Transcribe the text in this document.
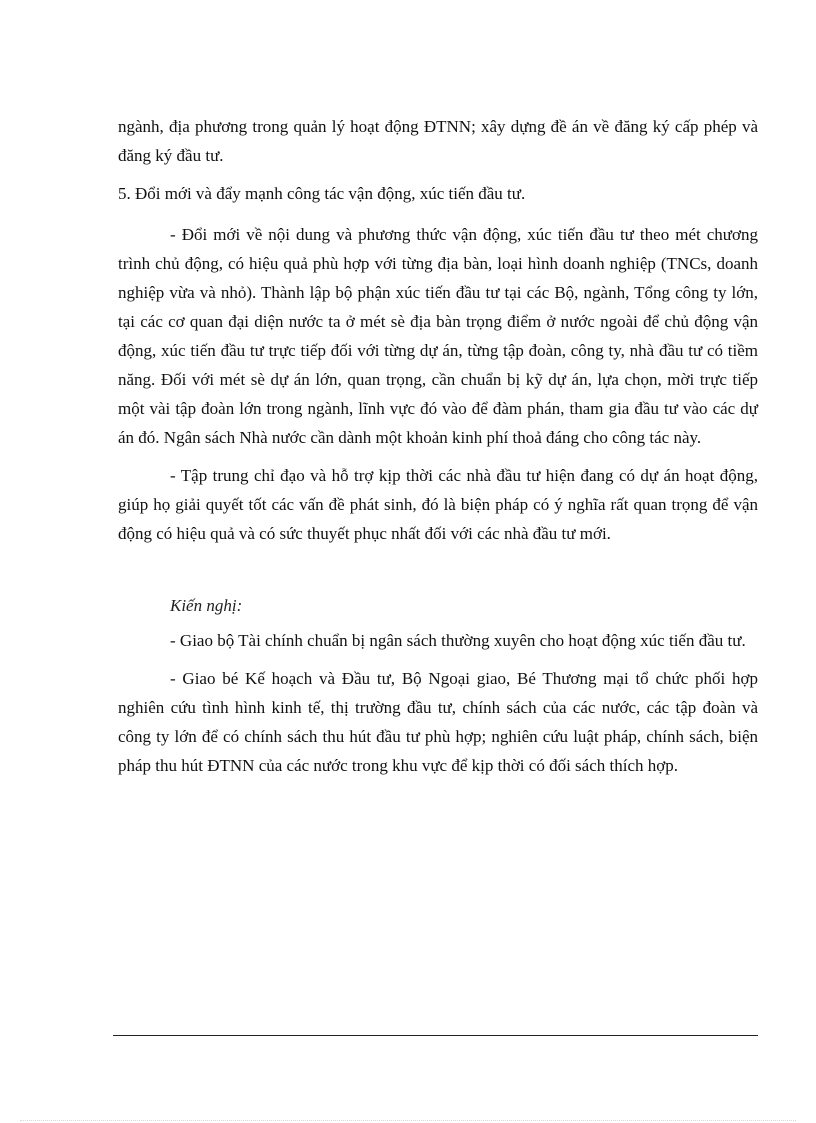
ngành, địa phương trong quản lý hoạt động ĐTNN; xây dựng đề án về đăng ký cấp phép và đăng ký đầu tư.

5. Đổi mới và đẩy mạnh công tác vận động, xúc tiến đầu tư.

- Đổi mới về nội dung và phương thức vận động, xúc tiến đầu tư theo mét chương trình chủ động, có hiệu quả phù hợp với từng địa bàn, loại hình doanh nghiệp (TNCs, doanh nghiệp vừa và nhỏ). Thành lập bộ phận xúc tiến đầu tư tại các Bộ, ngành, Tổng công ty lớn, tại các cơ quan đại diện nước ta ở mét sè địa bàn trọng điểm ở nước ngoài để chủ động vận động, xúc tiến đầu tư trực tiếp đối với từng dự án, từng tập đoàn, công ty, nhà đầu tư có tiềm năng. Đối với mét sè dự án lớn, quan trọng, cần chuẩn bị kỹ dự án, lựa chọn, mời trực tiếp một vài tập đoàn lớn trong ngành, lĩnh vực đó vào để đàm phán, tham gia đầu tư vào các dự án đó. Ngân sách Nhà nước cần dành một khoản kinh phí thoả đáng cho công tác này.

- Tập trung chỉ đạo và hỗ trợ kịp thời các nhà đầu tư hiện đang có dự án hoạt động, giúp họ giải quyết tốt các vấn đề phát sinh, đó là biện pháp có ý nghĩa rất quan trọng để vận động có hiệu quả và có sức thuyết phục nhất đối với các nhà đầu tư mới.

Kiến nghị:

- Giao bộ Tài chính chuẩn bị ngân sách thường xuyên cho hoạt động xúc tiến đầu tư.

- Giao bé Kế hoạch và Đầu tư, Bộ Ngoại giao, Bé Thương mại tổ chức phối hợp nghiên cứu tình hình kinh tế, thị trường đầu tư, chính sách của các nước, các tập đoàn và công ty lớn để có chính sách thu hút đầu tư phù hợp; nghiên cứu luật pháp, chính sách, biện pháp thu hút ĐTNN của các nước trong khu vực để kịp thời có đối sách thích hợp.
